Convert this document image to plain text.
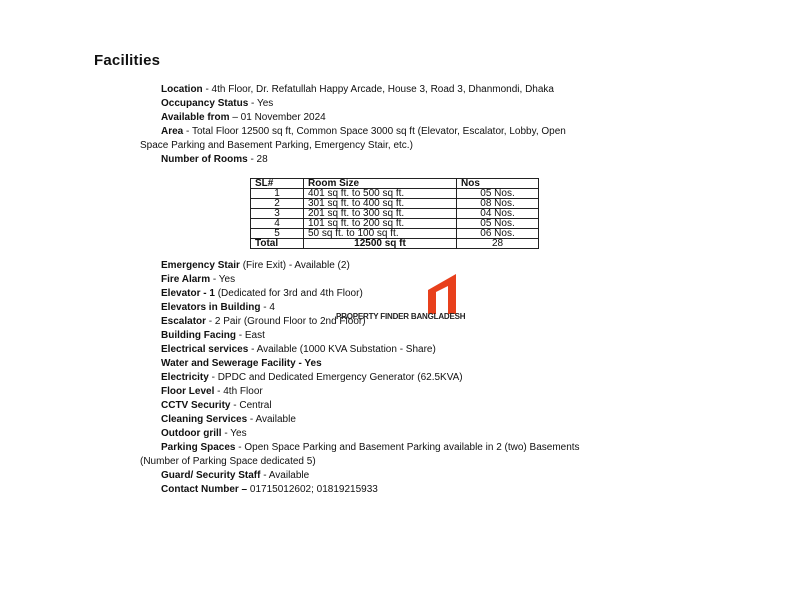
Facilities
Location - 4th Floor, Dr. Refatullah Happy Arcade, House 3, Road 3, Dhanmondi, Dhaka
Occupancy Status - Yes
Available from – 01 November 2024
Area - Total Floor 12500 sq ft, Common Space 3000 sq ft (Elevator, Escalator, Lobby, Open
Space Parking and Basement Parking, Emergency Stair, etc.)
Number of Rooms - 28
SL#	Room Size	Nos
1	401 sq ft. to 500 sq ft.	05 Nos.
2	301 sq ft. to 400 sq ft.	08 Nos.
3	201 sq ft. to 300 sq ft.	04 Nos.
4	101 sq ft. to 200 sq ft.	05 Nos.
5	50 sq ft. to 100 sq ft.	06 Nos.
Total	12500 sq ft	28
Emergency Stair (Fire Exit) - Available (2)
Fire Alarm - Yes
Elevator - 1 (Dedicated for 3rd and 4th Floor)
Elevators in Building - 4
Escalator - 2 Pair (Ground Floor to 2nd Floor)
Building Facing - East
Electrical services - Available (1000 KVA Substation - Share)
Water and Sewerage Facility - Yes
Electricity - DPDC and Dedicated Emergency Generator (62.5KVA)
Floor Level - 4th Floor
CCTV Security - Central
Cleaning Services - Available
Outdoor grill - Yes
Parking Spaces - Open Space Parking and Basement Parking available in 2 (two) Basements
(Number of Parking Space dedicated 5)
Guard/ Security Staff - Available
Contact Number – 01715012602; 01819215933
PROPERTY FINDER BANGLADESH
